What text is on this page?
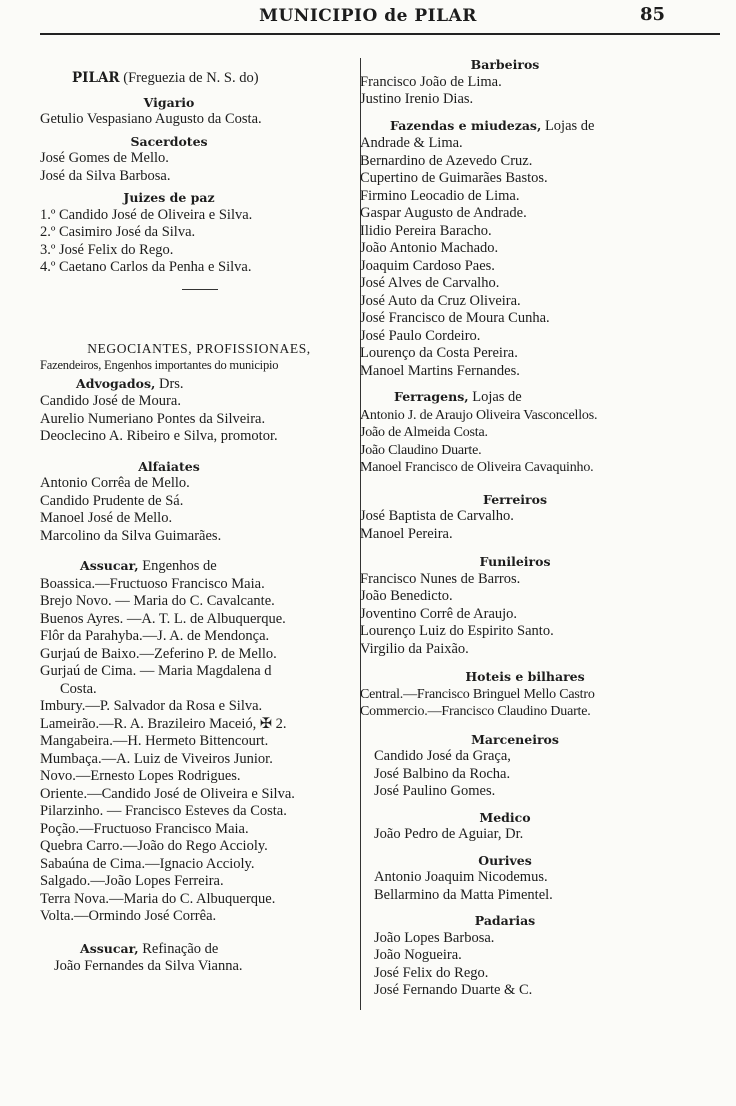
MUNICIPIO de PILAR	85
PILAR (Freguezia de N. S. do)
Vigario
Getulio Vespasiano Augusto da Costa.
Sacerdotes
José Gomes de Mello.
José da Silva Barbosa.
Juizes de paz
1.º Candido José de Oliveira e Silva.
2.º Casimiro José da Silva.
3.º José Felix do Rego.
4.º Caetano Carlos da Penha e Silva.
NEGOCIANTES, PROFISSIONAES,
Fazendeiros, Engenhos importantes do municipio
Advogados, Drs.
Candido José de Moura.
Aurelio Numeriano Pontes da Silveira.
Deoclecino A. Ribeiro e Silva, promotor.
Alfaiates
Antonio Corrêa de Mello.
Candido Prudente de Sá.
Manoel José de Mello.
Marcolino da Silva Guimarães.
Assucar, Engenhos de
Boassica.—Fructuoso Francisco Maia.
Brejo Novo. — Maria do C. Cavalcante.
Buenos Ayres. —A. T. L. de Albuquerque.
Flôr da Parahyba.—J. A. de Mendonça.
Gurjaú de Baixo.—Zeferino P. de Mello.
Gurjaú de Cima. — Maria Magdalena d
Costa.
Imbury.—P. Salvador da Rosa e Silva.
Lameirão.—R. A. Brazileiro Maceió, ✠ 2.
Mangabeira.—H. Hermeto Bittencourt.
Mumbaça.—A. Luiz de Viveiros Junior.
Novo.—Ernesto Lopes Rodrigues.
Oriente.—Candido José de Oliveira e Silva.
Pilarzinho. — Francisco Esteves da Costa.
Poção.—Fructuoso Francisco Maia.
Quebra Carro.—João do Rego Accioly.
Sabaúna de Cima.—Ignacio Accioly.
Salgado.—João Lopes Ferreira.
Terra Nova.—Maria do C. Albuquerque.
Volta.—Ormindo José Corrêa.
Assucar, Refinação de
João Fernandes da Silva Vianna.
Barbeiros
Francisco João de Lima.
Justino Irenio Dias.
Fazendas e miudezas, Lojas de
Andrade & Lima.
Bernardino de Azevedo Cruz.
Cupertino de Guimarães Bastos.
Firmino Leocadio de Lima.
Gaspar Augusto de Andrade.
Ilidio Pereira Baracho.
João Antonio Machado.
Joaquim Cardoso Paes.
José Alves de Carvalho.
José Auto da Cruz Oliveira.
José Francisco de Moura Cunha.
José Paulo Cordeiro.
Lourenço da Costa Pereira.
Manoel Martins Fernandes.
Ferragens, Lojas de
Antonio J. de Araujo Oliveira Vasconcellos.
João de Almeida Costa.
João Claudino Duarte.
Manoel Francisco de Oliveira Cavaquinho.
Ferreiros
José Baptista de Carvalho.
Manoel Pereira.
Funileiros
Francisco Nunes de Barros.
João Benedicto.
Joventino Corrê de Araujo.
Lourenço Luiz do Espirito Santo.
Virgilio da Paixão.
Hoteis e bilhares
Central.—Francisco Bringuel Mello Castro
Commercio.—Francisco Claudino Duarte.
Marceneiros
Candido José da Graça,
José Balbino da Rocha.
José Paulino Gomes.
Medico
João Pedro de Aguiar, Dr.
Ourives
Antonio Joaquim Nicodemus.
Bellarmino da Matta Pimentel.
Padarias
João Lopes Barbosa.
João Nogueira.
José Felix do Rego.
José Fernando Duarte & C.
